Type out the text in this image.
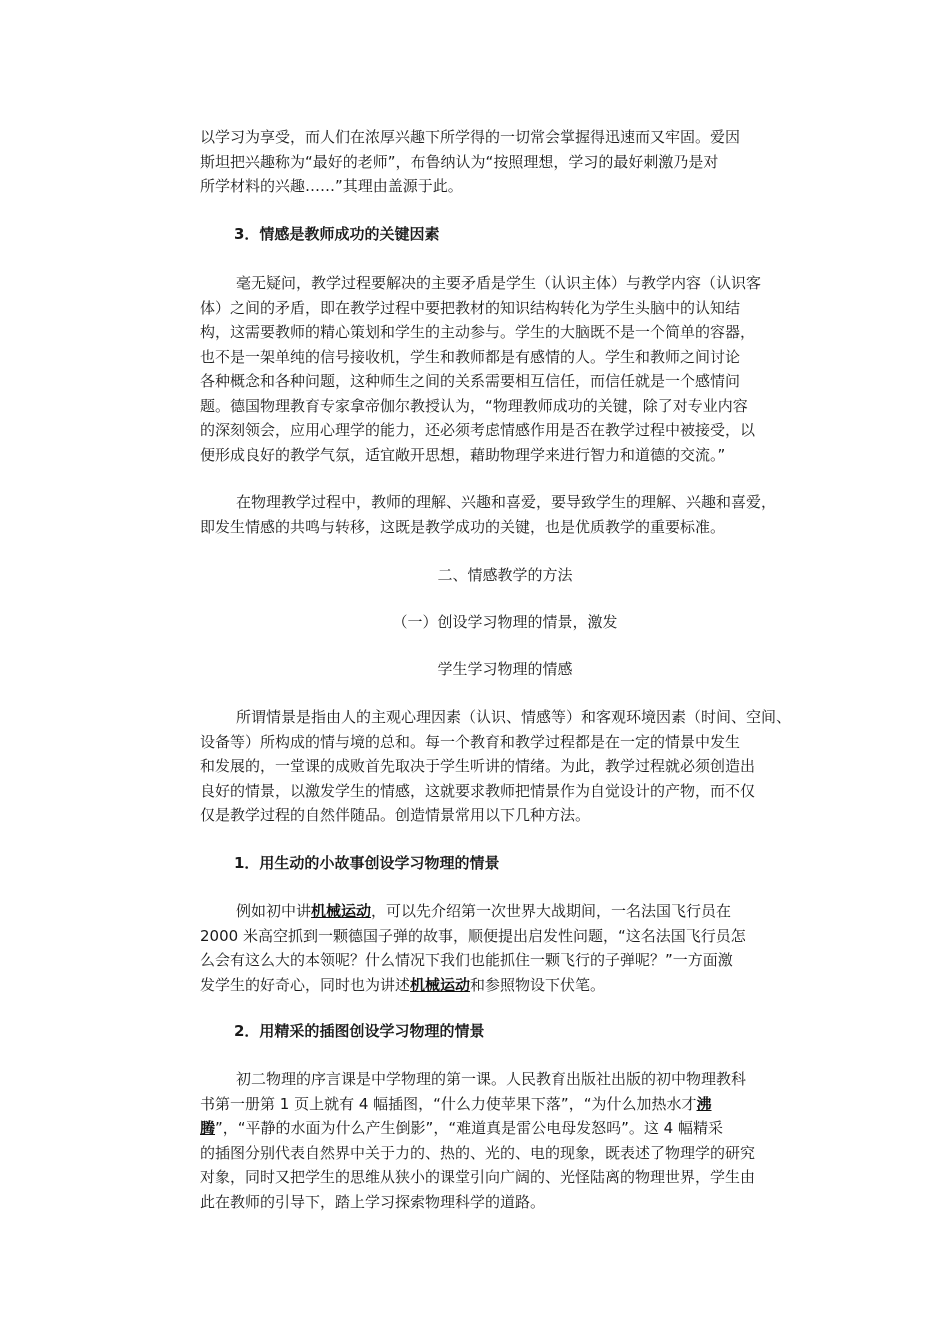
以学习为享受，而人们在浓厚兴趣下所学得的一切常会掌握得迅速而又牢固。爱因

斯坦把兴趣称为“最好的老师”，布鲁纳认为“按照理想，学习的最好刺激乃是对

所学材料的兴趣……”其理由盖源于此。

3．情感是教师成功的关键因素

毫无疑问，教学过程要解决的主要矛盾是学生（认识主体）与教学内容（认识客

体）之间的矛盾，即在教学过程中要把教材的知识结构转化为学生头脑中的认知结

构，这需要教师的精心策划和学生的主动参与。学生的大脑既不是一个简单的容器，

也不是一架单纯的信号接收机，学生和教师都是有感情的人。学生和教师之间讨论

各种概念和各种问题，这种师生之间的关系需要相互信任，而信任就是一个感情问

题。德国物理教育专家拿帝伽尔教授认为，“物理教师成功的关键，除了对专业内容

的深刻领会，应用心理学的能力，还必须考虑情感作用是否在教学过程中被接受，以

便形成良好的教学气氛，适宜敞开思想，藉助物理学来进行智力和道德的交流。”

在物理教学过程中，教师的理解、兴趣和喜爱，要导致学生的理解、兴趣和喜爱，

即发生情感的共鸣与转移，这既是教学成功的关键，也是优质教学的重要标准。

二、情感教学的方法

（一）创设学习物理的情景，激发

学生学习物理的情感

所谓情景是指由人的主观心理因素（认识、情感等）和客观环境因素（时间、空间、

设备等）所构成的情与境的总和。每一个教育和教学过程都是在一定的情景中发生

和发展的，一堂课的成败首先取决于学生听讲的情绪。为此，教学过程就必须创造出

良好的情景，以激发学生的情感，这就要求教师把情景作为自觉设计的产物，而不仅

仅是教学过程的自然伴随品。创造情景常用以下几种方法。

1．用生动的小故事创设学习物理的情景

例如初中讲机械运动，可以先介绍第一次世界大战期间，一名法国飞行员在

2000 米高空抓到一颗德国子弹的故事，顺便提出启发性问题，“这名法国飞行员怎

么会有这么大的本领呢？什么情况下我们也能抓住一颗飞行的子弹呢？”一方面激

发学生的好奇心，同时也为讲述机械运动和参照物设下伏笔。

2．用精采的插图创设学习物理的情景

初二物理的序言课是中学物理的第一课。人民教育出版社出版的初中物理教科

书第一册第 1 页上就有 4 幅插图，“什么力使苹果下落”，“为什么加热水才沸

腾”，“平静的水面为什么产生倒影”，“难道真是雷公电母发怒吗”。这 4 幅精采

的插图分别代表自然界中关于力的、热的、光的、电的现象，既表述了物理学的研究

对象，同时又把学生的思维从狭小的课堂引向广阔的、光怪陆离的物理世界，学生由

此在教师的引导下，踏上学习探索物理科学的道路。
